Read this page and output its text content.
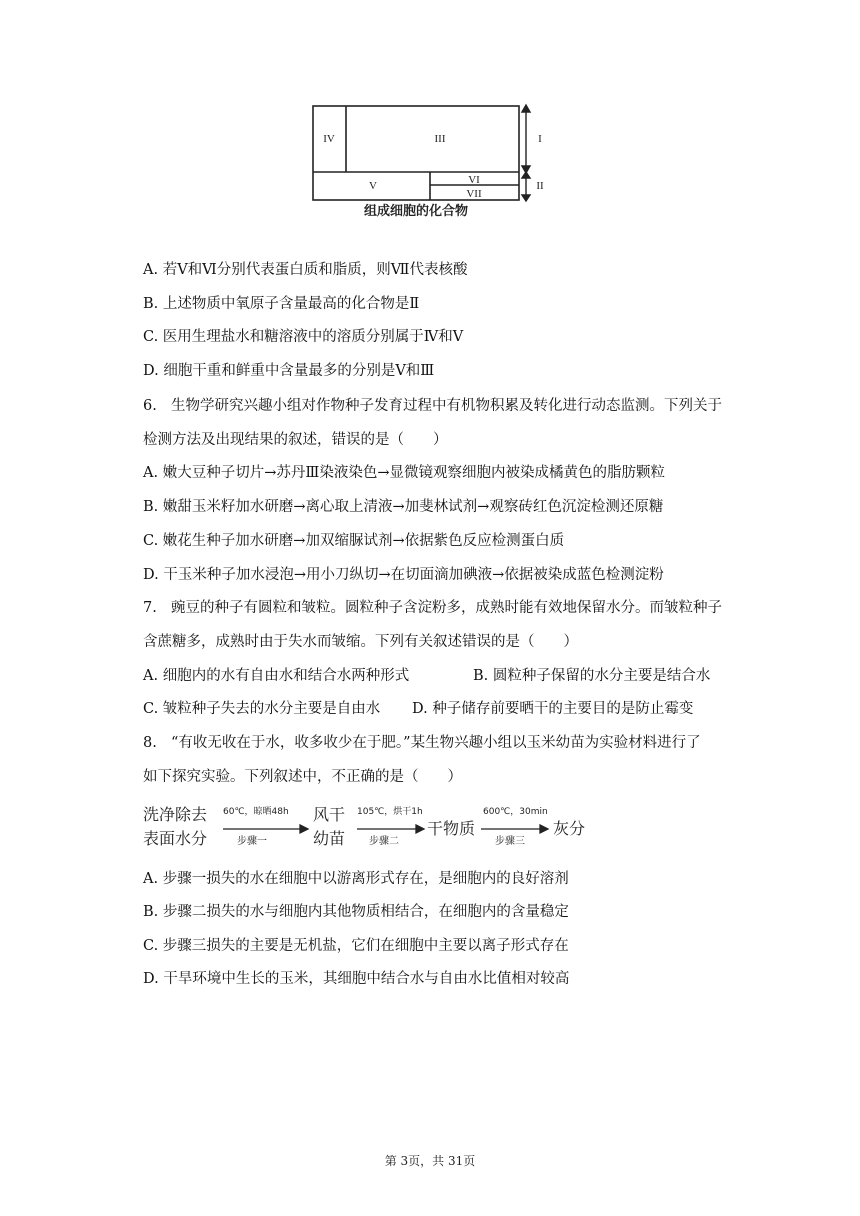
IV	III	I
V	VI
VII
II
组成细胞的化合物
A. 若Ⅴ和Ⅵ分别代表蛋白质和脂质，则Ⅶ代表核酸
B. 上述物质中氧原子含量最高的化合物是Ⅱ
C. 医用生理盐水和糖溶液中的溶质分别属于Ⅳ和Ⅴ
D. 细胞干重和鲜重中含量最多的分别是Ⅴ和Ⅲ
6. 生物学研究兴趣小组对作物种子发育过程中有机物积累及转化进行动态监测。下列关于
检测方法及出现结果的叙述，错误的是（　　）
A. 嫩大豆种子切片→苏丹Ⅲ染液染色→显微镜观察细胞内被染成橘黄色的脂肪颗粒
B. 嫩甜玉米籽加水研磨→离心取上清液→加斐林试剂→观察砖红色沉淀检测还原糖
C. 嫩花生种子加水研磨→加双缩脲试剂→依据紫色反应检测蛋白质
D. 干玉米种子加水浸泡→用小刀纵切→在切面滴加碘液→依据被染成蓝色检测淀粉
7. 豌豆的种子有圆粒和皱粒。圆粒种子含淀粉多，成熟时能有效地保留水分。而皱粒种子
含蔗糖多，成熟时由于失水而皱缩。下列有关叙述错误的是（　　）
A. 细胞内的水有自由水和结合水两种形式	B. 圆粒种子保留的水分主要是结合水
C. 皱粒种子失去的水分主要是自由水 D. 种子储存前要晒干的主要目的是防止霉变
8. “有收无收在于水，收多收少在于肥。”某生物兴趣小组以玉米幼苗为实验材料进行了
如下探究实验。下列叙述中，不正确的是（　　）
洗净除去
表面水分
60℃，晾晒48h
步骤一
风干
幼苗
105℃，烘干1h
步骤二
干物质
600℃，30min
步骤三
灰分
A. 步骤一损失的水在细胞中以游离形式存在，是细胞内的良好溶剂
B. 步骤二损失的水与细胞内其他物质相结合，在细胞内的含量稳定
C. 步骤三损失的主要是无机盐，它们在细胞中主要以离子形式存在
D. 干旱环境中生长的玉米，其细胞中结合水与自由水比值相对较高
第 3页，共 31页
